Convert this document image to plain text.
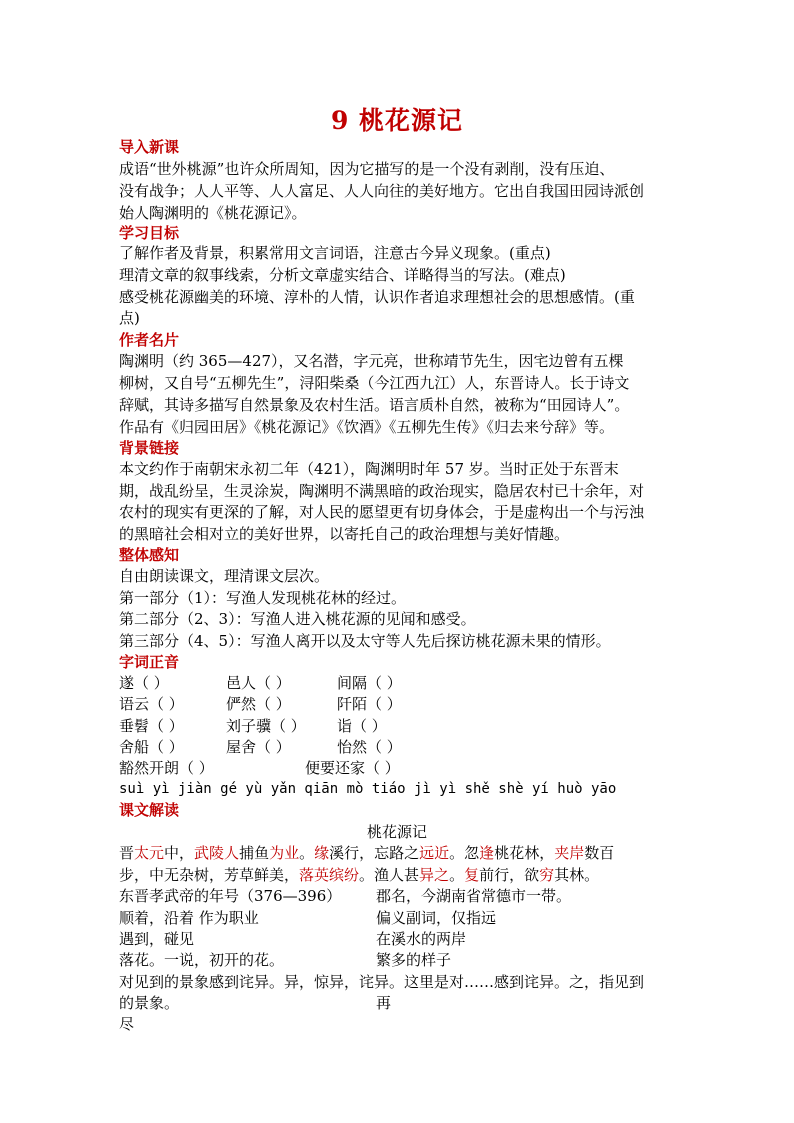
9 桃花源记
导入新课
成语“世外桃源”也许众所周知，因为它描写的是一个没有剥削，没有压迫、
没有战争；人人平等、人人富足、人人向往的美好地方。它出自我国田园诗派创
始人陶渊明的《桃花源记》。
学习目标
了解作者及背景，积累常用文言词语，注意古今异义现象。(重点)
理清文章的叙事线索，分析文章虚实结合、详略得当的写法。(难点)
感受桃花源幽美的环境、淳朴的人情，认识作者追求理想社会的思想感情。(重
点)
作者名片
陶渊明（约 365—427），又名潜，字元亮，世称靖节先生，因宅边曾有五棵
柳树，又自号“五柳先生”，浔阳柴桑（今江西九江）人，东晋诗人。长于诗文
辞赋，其诗多描写自然景象及农村生活。语言质朴自然，被称为“田园诗人”。
作品有《归园田居》《桃花源记》《饮酒》《五柳先生传》《归去来兮辞》等。
背景链接
本文约作于南朝宋永初二年（421），陶渊明时年 57 岁。当时正处于东晋末
期，战乱纷呈，生灵涂炭，陶渊明不满黑暗的政治现实，隐居农村已十余年，对
农村的现实有更深的了解，对人民的愿望更有切身体会，于是虚构出一个与污浊
的黑暗社会相对立的美好世界，以寄托自己的政治理想与美好情趣。
整体感知
自由朗读课文，理清课文层次。
第一部分（1）：写渔人发现桃花林的经过。
第二部分（2、3）：写渔人进入桃花源的见闻和感受。
第三部分（4、5）：写渔人离开以及太守等人先后探访桃花源未果的情形。
字词正音
遂（ ）	邑人（ ）	间隔（ ）
语云（ ）	俨然（ ）	阡陌（ ）
垂髫（ ）	刘子骥（ ） 诣（ ）
舍船（ ）	屋舍（ ）	怡然（ ）
豁然开朗（ ）	便要还家（ ）
suì yì jiàn gé yù yǎn qiān mò tiáo jì yì shě shè yí huò yāo
课文解读
桃花源记
晋太元中，武陵人捕鱼为业。缘溪行，忘路之远近。忽逢桃花林，夹岸数百
步，中无杂树，芳草鲜美，落英缤纷。渔人甚异之。复前行，欲穷其林。
东晋孝武帝的年号（376—396） 郡名，今湖南省常德市一带。
顺着，沿着 作为职业	偏义副词，仅指远
遇到，碰见	在溪水的两岸
落花。一说，初开的花。	繁多的样子
对见到的景象感到诧异。异，惊异，诧异。这里是对……感到诧异。之，指见到
的景象。	再
尽
